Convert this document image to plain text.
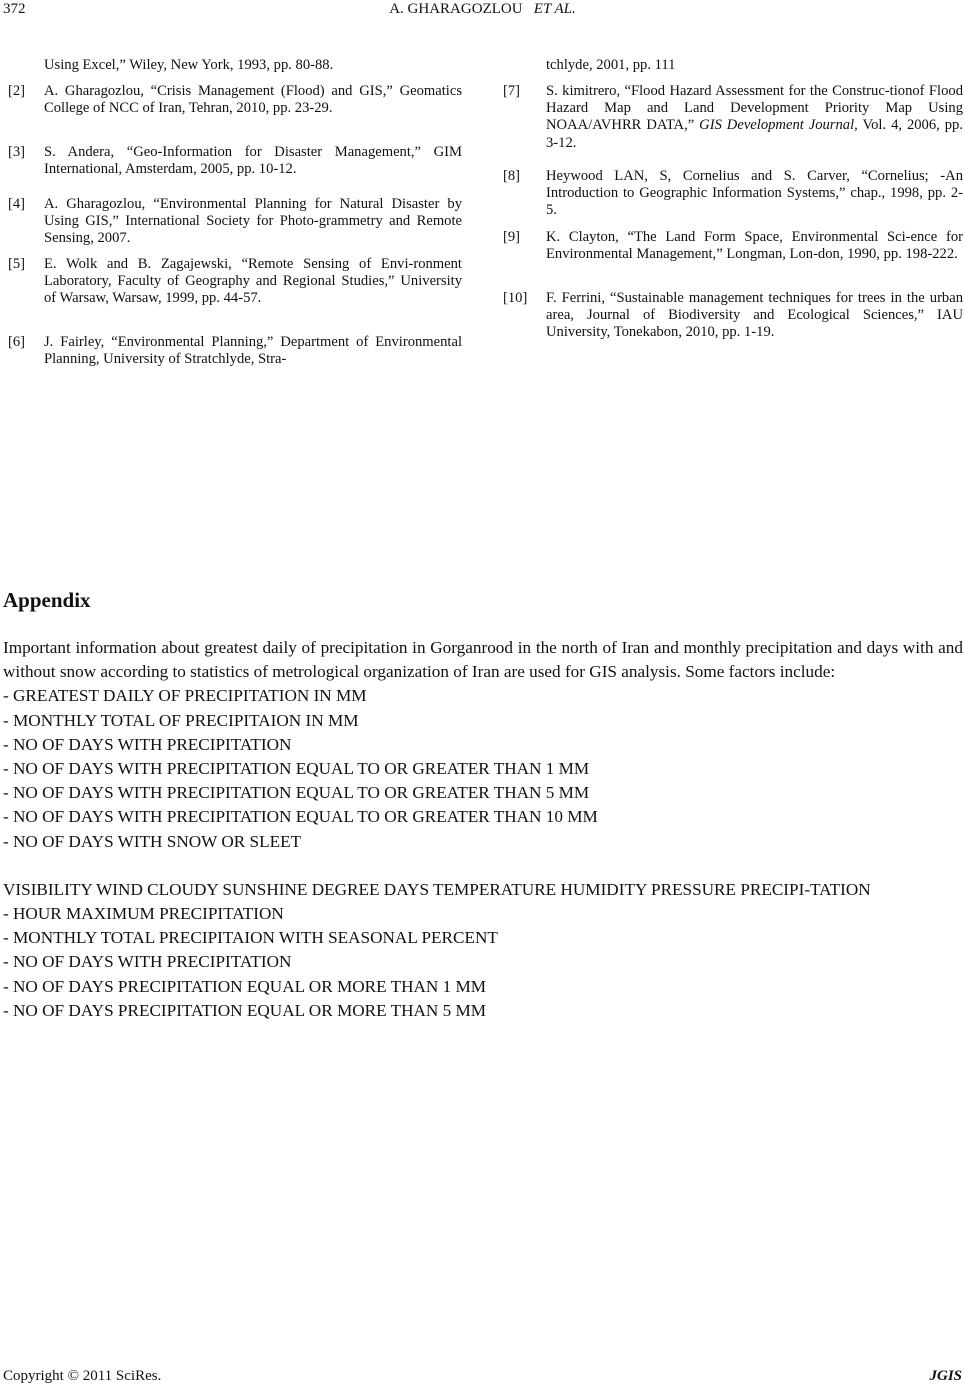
372	A. GHARAGOZLOU ET AL.
Using Excel,” Wiley, New York, 1993, pp. 80-88.
[2] A. Gharagozlou, “Crisis Management (Flood) and GIS,” Geomatics College of NCC of Iran, Tehran, 2010, pp. 23-29.
[3] S. Andera, “Geo-Information for Disaster Management,” GIM International, Amsterdam, 2005, pp. 10-12.
[4] A. Gharagozlou, “Environmental Planning for Natural Disaster by Using GIS,” International Society for Photo-grammetry and Remote Sensing, 2007.
[5] E. Wolk and B. Zagajewski, “Remote Sensing of Envi-ronment Laboratory, Faculty of Geography and Regional Studies,” University of Warsaw, Warsaw, 1999, pp. 44-57.
[6] J. Fairley, “Environmental Planning,” Department of Environmental Planning, University of Stratchlyde, Stra-
tchlyde, 2001, pp. 111
[7] S. kimitrero, “Flood Hazard Assessment for the Construc-tionof Flood Hazard Map and Land Development Priority Map Using NOAA/AVHRR DATA,” GIS Development Journal, Vol. 4, 2006, pp. 3-12.
[8] Heywood LAN, S, Cornelius and S. Carver, “Cornelius; -An Introduction to Geographic Information Systems,” chap., 1998, pp. 2-5.
[9] K. Clayton, “The Land Form Space, Environmental Sci-ence for Environmental Management,” Longman, Lon-don, 1990, pp. 198-222.
[10] F. Ferrini, “Sustainable management techniques for trees in the urban area, Journal of Biodiversity and Ecological Sciences,” IAU University, Tonekabon, 2010, pp. 1-19.
Appendix
Important information about greatest daily of precipitation in Gorganrood in the north of Iran and monthly precipitation and days with and without snow according to statistics of metrological organization of Iran are used for GIS analysis. Some factors include:
- GREATEST DAILY OF PRECIPITATION IN MM
- MONTHLY TOTAL OF PRECIPITAION IN MM
- NO OF DAYS WITH PRECIPITATION
- NO OF DAYS WITH PRECIPITATION EQUAL TO OR GREATER THAN 1 MM
- NO OF DAYS WITH PRECIPITATION EQUAL TO OR GREATER THAN 5 MM
- NO OF DAYS WITH PRECIPITATION EQUAL TO OR GREATER THAN 10 MM
- NO OF DAYS WITH SNOW OR SLEET
VISIBILITY WIND CLOUDY SUNSHINE DEGREE DAYS TEMPERATURE HUMIDITY PRESSURE PRECIPI-TATION
- HOUR MAXIMUM PRECIPITATION
- MONTHLY TOTAL PRECIPITAION WITH SEASONAL PERCENT
- NO OF DAYS WITH PRECIPITATION
- NO OF DAYS PRECIPITATION EQUAL OR MORE THAN 1 MM
- NO OF DAYS PRECIPITATION EQUAL OR MORE THAN 5 MM
Copyright © 2011 SciRes.	JGIS
